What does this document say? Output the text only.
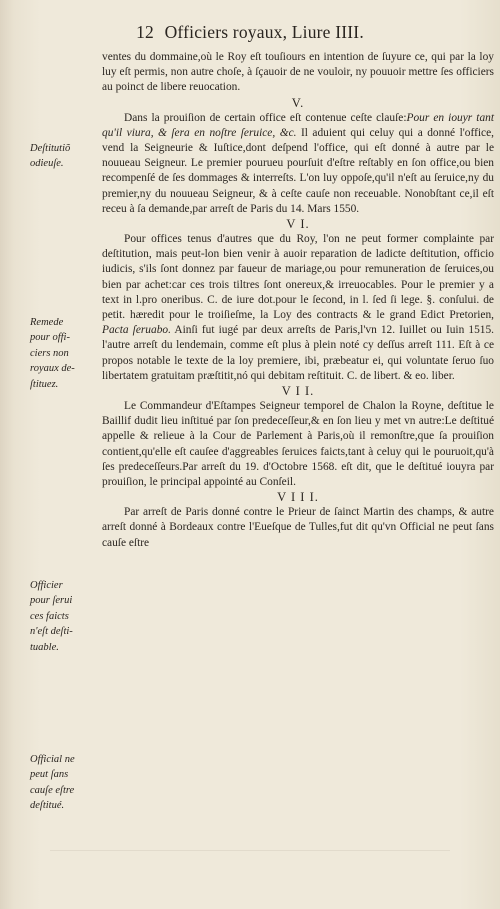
12 Officiers royaux, Liure IIII.
Deſtitutiõ
odieuſe.
Remede
pour offi-
ciers non
royaux de-
ſtituez.
Officier
pour ſerui
ces faicts
n'eſt deſti-
tuable.
Official ne
peut ſans
cauſe eſtre
deſtitué.

ventes du dommaine,où le Roy eſt touſiours en intention de ſuyure ce, qui par la loy luy eſt permis, non autre choſe, à ſçauoir de ne vouloir, ny pouuoir mettre ſes officiers au poinct de libere reuocation.

V.

Dans la prouiſion de certain office eſt contenue ceſte clauſe:Pour en iouyr tant qu'il viura, & ſera en noſtre ſeruice, &c. Il aduient qui celuy qui a donné l'office, vend la Seigneurie & Iuſtice,dont deſpend l'office, qui eſt donné à autre par le nouueau Seigneur. Le premier pourueu pourſuit d'eſtre reſtably en ſon office,ou bien recompenſé de ſes dommages & interreſts. L'on luy oppoſe,qu'il n'eſt au ſeruice,ny du premier,ny du nouueau Seigneur, & à ceſte cauſe non receuable. Nonobſtant ce,il eſt receu à ſa demande,par arreſt de Paris du 14. Mars 1550.

V I.

Pour offices tenus d'autres que du Roy, l'on ne peut former complainte par deſtitution, mais peut-lon bien venir à auoir reparation de ladicte deſtitution, officio iudicis, s'ils ſont donnez par faueur de mariage,ou pour remuneration de ſeruices,ou bien par achet:car ces trois tiltres ſont onereux,& irreuocables. Pour le premier y a text in l.pro oneribus. C. de iure dot.pour le ſecond, in l. ſed ſi lege. §. conſului. de petit. hæredit pour le troiſieſme, la Loy des contracts & le grand Edict Pretorien, Pacta ſeruabo. Ainſi fut iugé par deux arreſts de Paris,l'vn 12. Iuillet ou Iuin 1515. l'autre arreſt du lendemain, comme eſt plus à plein noté cy deſſus arreſt 111. Eſt à ce propos notable le texte de la loy premiere, ibi, præbeatur ei, qui voluntate ſeruo ſuo libertatem gratuitam præſtitit,nó qui debitam reſtituit. C. de libert. & eo. liber.

V I I.

Le Commandeur d'Eſtampes Seigneur temporel de Chalon la Royne, deſtitue le Baillif dudit lieu inſtitué par ſon predeceſſeur,& en ſon lieu y met vn autre:Le deſtitué appelle & relieue à la Cour de Parlement à Paris,où il remonſtre,que ſa prouiſion contient,qu'elle eſt cauſee d'aggreables ſeruices faicts,tant à celuy qui le pouruoit,qu'à ſes predeceſſeurs.Par arreſt du 19. d'Octobre 1568. eſt dit, que le deſtitué iouyra par prouiſion, le principal appointé au Conſeil.

V I I I.

Par arreſt de Paris donné contre le Prieur de ſainct Martin des champs, & autre arreſt donné à Bordeaux contre l'Eueſque de Tulles,fut dit qu'vn Official ne peut ſans cauſe eſtre
